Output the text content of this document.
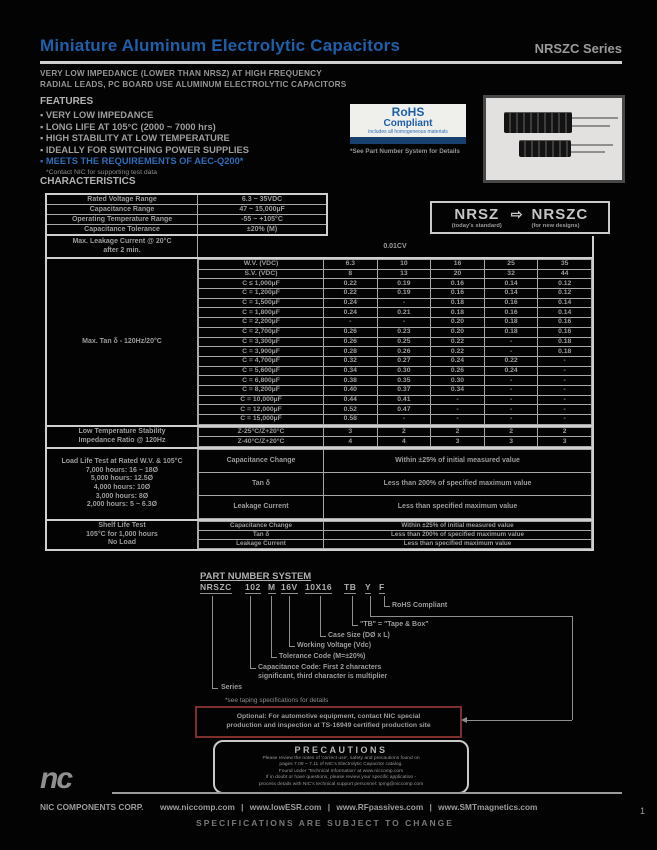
Miniature Aluminum Electrolytic Capacitors	NRSZC Series
VERY LOW IMPEDANCE (LOWER THAN NRSZ) AT HIGH FREQUENCY
RADIAL LEADS, PC BOARD USE ALUMINUM ELECTROLYTIC CAPACITORS
FEATURES
▪ VERY LOW IMPEDANCE
▪ LONG LIFE AT 105°C (2000 ~ 7000 hrs)
▪ HIGH STABILITY AT LOW TEMPERATURE
▪ IDEALLY FOR SWITCHING POWER SUPPLIES
▪ MEETS THE REQUIREMENTS OF AEC-Q200*
*Contact NIC for supporting test data
RoHS
Compliant
includes all homogeneous materials
*See Part Number System for Details
CHARACTERISTICS
NRSZ
(today's standard)
⇨ NRSZC
(for new designs)
Rated Voltage Range	6.3 ~ 35VDC
Capacitance Range	47 ~ 15,000µF
Operating Temperature Range	-55 ~ +105°C
Capacitance Tolerance	±20% (M)
Max. Leakage Current @ 20°C
after 2 min.	0.01CV
Max. Tan δ - 120Hz/20°C
W.V. (VDC)	6.3	10	16	25	35
S.V. (VDC)	8	13	20	32	44
C ≤ 1,000µF	0.22	0.19	0.16	0.14	0.12
C = 1,200µF	0.22	0.19	0.16	0.14	0.12
C = 1,500µF	0.24	-	0.18	0.16	0.14
C = 1,800µF	0.24	0.21	0.18	0.16	0.14
C = 2,200µF	-	-	0.20	0.18	0.16
C = 2,700µF	0.26	0.23	0.20	0.18	0.16
C = 3,300µF	0.26	0.25	0.22	-	0.18
C = 3,900µF	0.28	0.26	0.22	-	0.18
C = 4,700µF	0.32	0.27	0.24	0.22	-
C = 5,600µF	0.34	0.30	0.26	0.24	-
C = 6,800µF	0.38	0.35	0.30	-	-
C = 8,200µF	0.40	0.37	0.34	-	-
C = 10,000µF	0.44	0.41	-	-	-
C = 12,000µF	0.52	0.47	-	-	-
C = 15,000µF	0.58	-	-	-	-
Low Temperature Stability
Impedance Ratio @ 120Hz
Z-25°C/Z+20°C	3	2	2	2	2
Z-40°C/Z+20°C	4	4	3	3	3
Load Life Test at Rated W.V. & 105°C
7,000 hours: 16 ~ 18Ø
5,000 hours: 12.5Ø
4,000 hours: 10Ø
3,000 hours: 8Ø
2,000 hours: 5 ~ 6.3Ø
Capacitance Change	Within ±25% of initial measured value
Tan δ	Less than 200% of specified maximum value
Leakage Current	Less than specified maximum value
Shelf Life Test
105°C for 1,000 hours
No Load
Capacitance Change	Within ±25% of initial measured value
Tan δ	Less than 200% of specified maximum value
Leakage Current	Less than specified maximum value
PART NUMBER SYSTEM
NRSZC 102 M 16V 10X16 TB Y F
RoHS Compliant
"TB" = "Tape & Box"
Case Size (DØ x L)
Working Voltage (Vdc)
Tolerance Code (M=±20%)
Capacitance Code: First 2 characters
significant, third character is multiplier
Series
*see taping specifications for details
Optional: For automotive equipment, contact NIC special
production and inspection at TS-16949 certified production site
PRECAUTIONS
Please review the notes of 'correct use', safety and precautions found on
pages 7.09 ~ 7.11 of NIC's Electrolytic Capacitor catalog.
Found under 'Technical Information' at www.niccomp.com
If in doubt or have questions, please review your specific application -
process details with NIC's technical support personnel: tpmg@niccomp.com
nc
NIC COMPONENTS CORP. www.niccomp.com | www.lowESR.com | www.RFpassives.com | www.SMTmagnetics.com
SPECIFICATIONS ARE SUBJECT TO CHANGE
1
